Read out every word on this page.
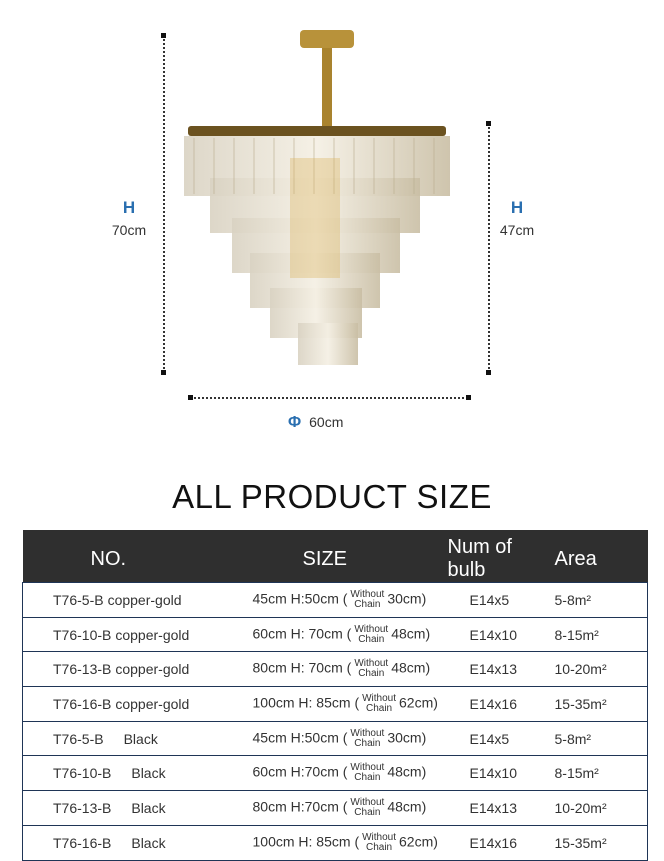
H
70cm
H
47cm
Φ 60cm
ALL PRODUCT SIZE
NO.	SIZE	Num of bulb	Area
T76-5-B copper-gold	45cm H:50cm ( Without
Chain 30cm)	E14x5	5-8m²
T76-10-B copper-gold	60cm H: 70cm ( Without
Chain 48cm)	E14x10	8-15m²
T76-13-B copper-gold	80cm H: 70cm ( Without
Chain 48cm)	E14x13	10-20m²
T76-16-B copper-gold	100cm H: 85cm ( Without
Chain 62cm)	E14x16	15-35m²
T76-5-B Black	45cm H:50cm ( Without
Chain 30cm)	E14x5	5-8m²
T76-10-B Black	60cm H:70cm ( Without
Chain 48cm)	E14x10	8-15m²
T76-13-B Black	80cm H:70cm ( Without
Chain 48cm)	E14x13	10-20m²
T76-16-B Black	100cm H: 85cm ( Without
Chain 62cm)	E14x16	15-35m²
